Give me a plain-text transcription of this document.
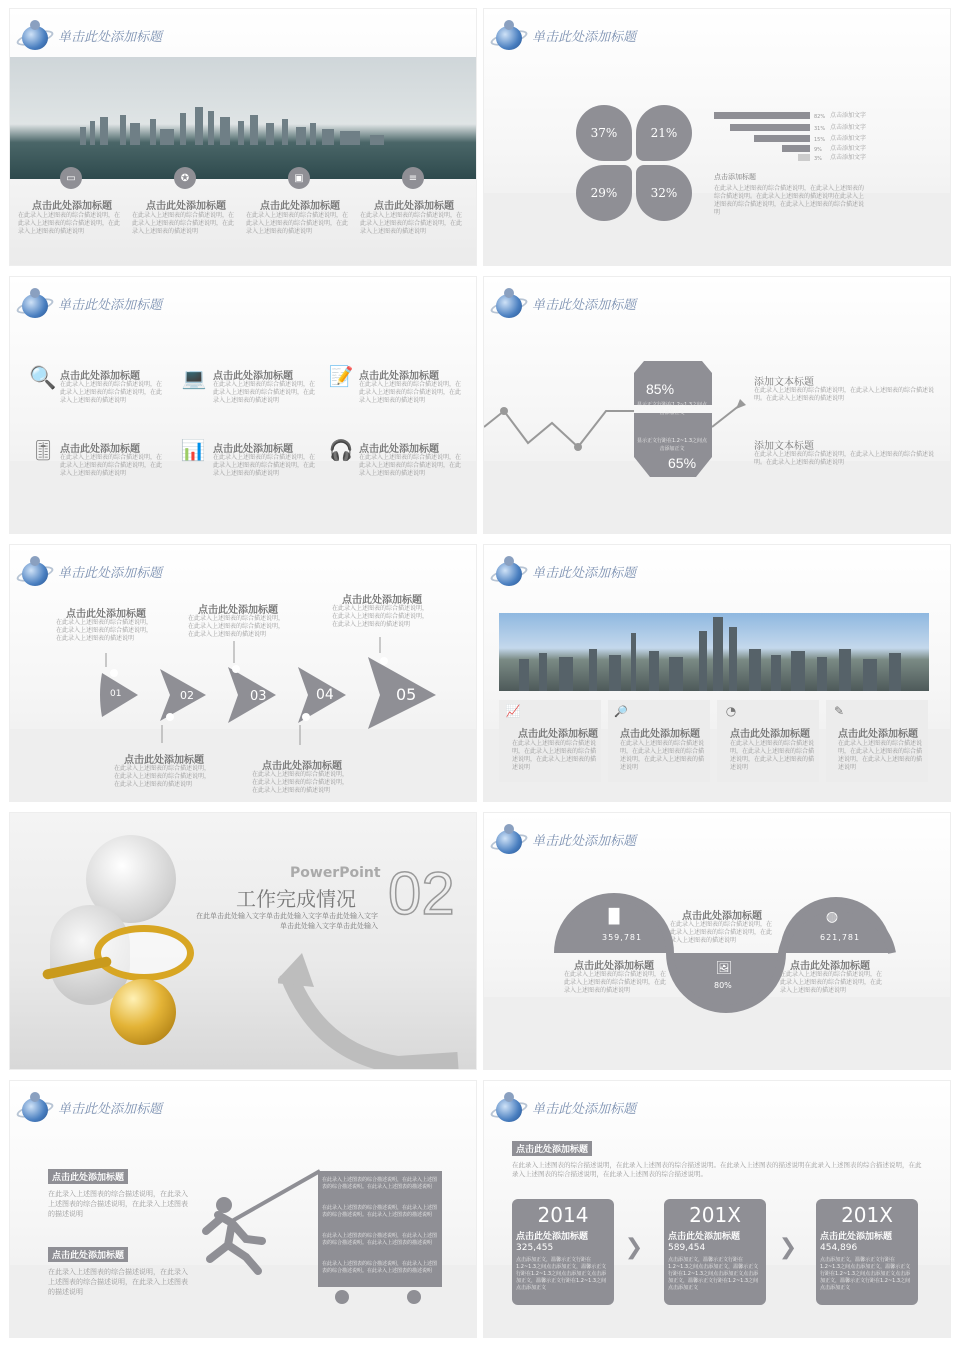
单击此处添加标题
▭	✪	▣	≡
点击此处添加标题	点击此处添加标题	点击此处添加标题	点击此处添加标题
在此录入上述图表的综合描述说明，在此录入上述图表的综合描述说明，在此录入上述图表的描述说明
在此录入上述图表的综合描述说明，在此录入上述图表的综合描述说明，在此录入上述图表的描述说明
在此录入上述图表的综合描述说明，在此录入上述图表的综合描述说明，在此录入上述图表的描述说明
在此录入上述图表的综合描述说明，在此录入上述图表的综合描述说明，在此录入上述图表的描述说明
单击此处添加标题
37%	21%
29%	32%
82%
31%
15%
9%
3%
点击添加文字
点击添加文字
点击添加文字
点击添加文字
点击添加文字
点击添加标题
在此录入上述图表的综合描述说明，在此录入上述图表的综合描述说明。在此录入上述图表的描述说明在此录入上述图表的综合描述说明，在此录入上述图表的综合描述说明
单击此处添加标题
🔍	💻	📝
🎚	📊	🎧
点击此处添加标题	点击此处添加标题	点击此处添加标题
点击此处添加标题	点击此处添加标题	点击此处添加标题
在此录入上述图表的综合描述说明，在此录入上述图表的综合描述说明，在此录入上述图表的描述说明
在此录入上述图表的综合描述说明，在此录入上述图表的综合描述说明，在此录入上述图表的描述说明
在此录入上述图表的综合描述说明，在此录入上述图表的综合描述说明，在此录入上述图表的描述说明
在此录入上述图表的综合描述说明，在此录入上述图表的综合描述说明，在此录入上述图表的描述说明
在此录入上述图表的综合描述说明，在此录入上述图表的综合描述说明，在此录入上述图表的描述说明
在此录入上述图表的综合描述说明，在此录入上述图表的综合描述说明，在此录入上述图表的描述说明
单击此处添加标题
85%
显示正文行距在1.2~1.3之间点击添加正文
显示正文行距在1.2~1.3之间点击添加正文
65%
添加文本标题
在此录入上述图表的综合描述说明，在此录入上述图表的综合描述说明。在此录入上述图表的描述说明
添加文本标题
在此录入上述图表的综合描述说明，在此录入上述图表的综合描述说明。在此录入上述图表的描述说明
单击此处添加标题
01	02	03	04	05
点击此处添加标题
在此录入上述图表的综合描述说明，在此录入上述图表的综合描述说明，在此录入上述图表的描述说明
点击此处添加标题
在此录入上述图表的综合描述说明，在此录入上述图表的综合描述说明，在此录入上述图表的描述说明
点击此处添加标题
在此录入上述图表的综合描述说明，在此录入上述图表的综合描述说明，在此录入上述图表的描述说明
点击此处添加标题
在此录入上述图表的综合描述说明，在此录入上述图表的综合描述说明，在此录入上述图表的描述说明
点击此处添加标题
在此录入上述图表的综合描述说明，在此录入上述图表的综合描述说明，在此录入上述图表的描述说明
单击此处添加标题
📈	🔎	◔	✎
点击此处添加标题 点击此处添加标题	点击此处添加标题	点击此处添加标题
在此录入上述图表的综合描述说明，在此录入上述图表的综合描述说明，在此录入上述图表的描述说明
在此录入上述图表的综合描述说明，在此录入上述图表的综合描述说明，在此录入上述图表的描述说明
在此录入上述图表的综合描述说明，在此录入上述图表的综合描述说明，在此录入上述图表的描述说明
在此录入上述图表的综合描述说明，在此录入上述图表的综合描述说明，在此录入上述图表的描述说明
PowerPoint
工作完成情况
在此单击此处输入文字单击此处输入文字单击此处输入文字单击此处输入文字单击此处输入 02
单击此处添加标题
▐▌
359,781
◍
621,781
🖼
80%
点击此处添加标题
在此录入上述图表的综合描述说明，在此录入上述图表的综合描述说明，在此录入上述图表的描述说明
点击此处添加标题
在此录入上述图表的综合描述说明，在此录入上述图表的综合描述说明，在此录入上述图表的描述说明
点击此处添加标题
在此录入上述图表的综合描述说明，在此录入上述图表的综合描述说明，在此录入上述图表的描述说明
单击此处添加标题
点击此处添加标题
在此录入上述图表的综合描述说明，在此录入上述图表的综合描述说明，在此录入上述图表的描述说明
点击此处添加标题
在此录入上述图表的综合描述说明，在此录入上述图表的综合描述说明，在此录入上述图表的描述说明
在此录入上述图表的综合描述说明，在此录入上述图表的综合描述说明。在此录入上述图表的描述说明
在此录入上述图表的综合描述说明，在此录入上述图表的综合描述说明。在此录入上述图表的描述说明
在此录入上述图表的综合描述说明，在此录入上述图表的综合描述说明。在此录入上述图表的描述说明
在此录入上述图表的综合描述说明，在此录入上述图表的综合描述说明。在此录入上述图表的描述说明
单击此处添加标题
点击此处添加标题
在此录入上述图表的综合描述说明，在此录入上述图表的综合描述说明。在此录入上述图表的描述说明在此录入上述图表的综合描述说明，在此录入上述图表的综合描述说明，在此录入上述图表的综合描述说明。
2014
点击此处添加标题
325,455
点击添加正文，温馨示正文行距在1.2~1.3之间点击添加正文，温馨示正文行距在1.2~1.3之间点击添加正文点击添加正文，温馨示正文行距在1.2~1.3之间点击添加正文
❯
201X
点击此处添加标题
589,454
点击添加正文，温馨示正文行距在1.2~1.3之间点击添加正文，温馨示正文行距在1.2~1.3之间点击添加正文点击添加正文，温馨示正文行距在1.2~1.3之间点击添加正文
❯
201X
点击此处添加标题
454,896
点击添加正文，温馨示正文行距在1.2~1.3之间点击添加正文，温馨示正文行距在1.2~1.3之间点击添加正文点击添加正文，温馨示正文行距在1.2~1.3之间点击添加正文
